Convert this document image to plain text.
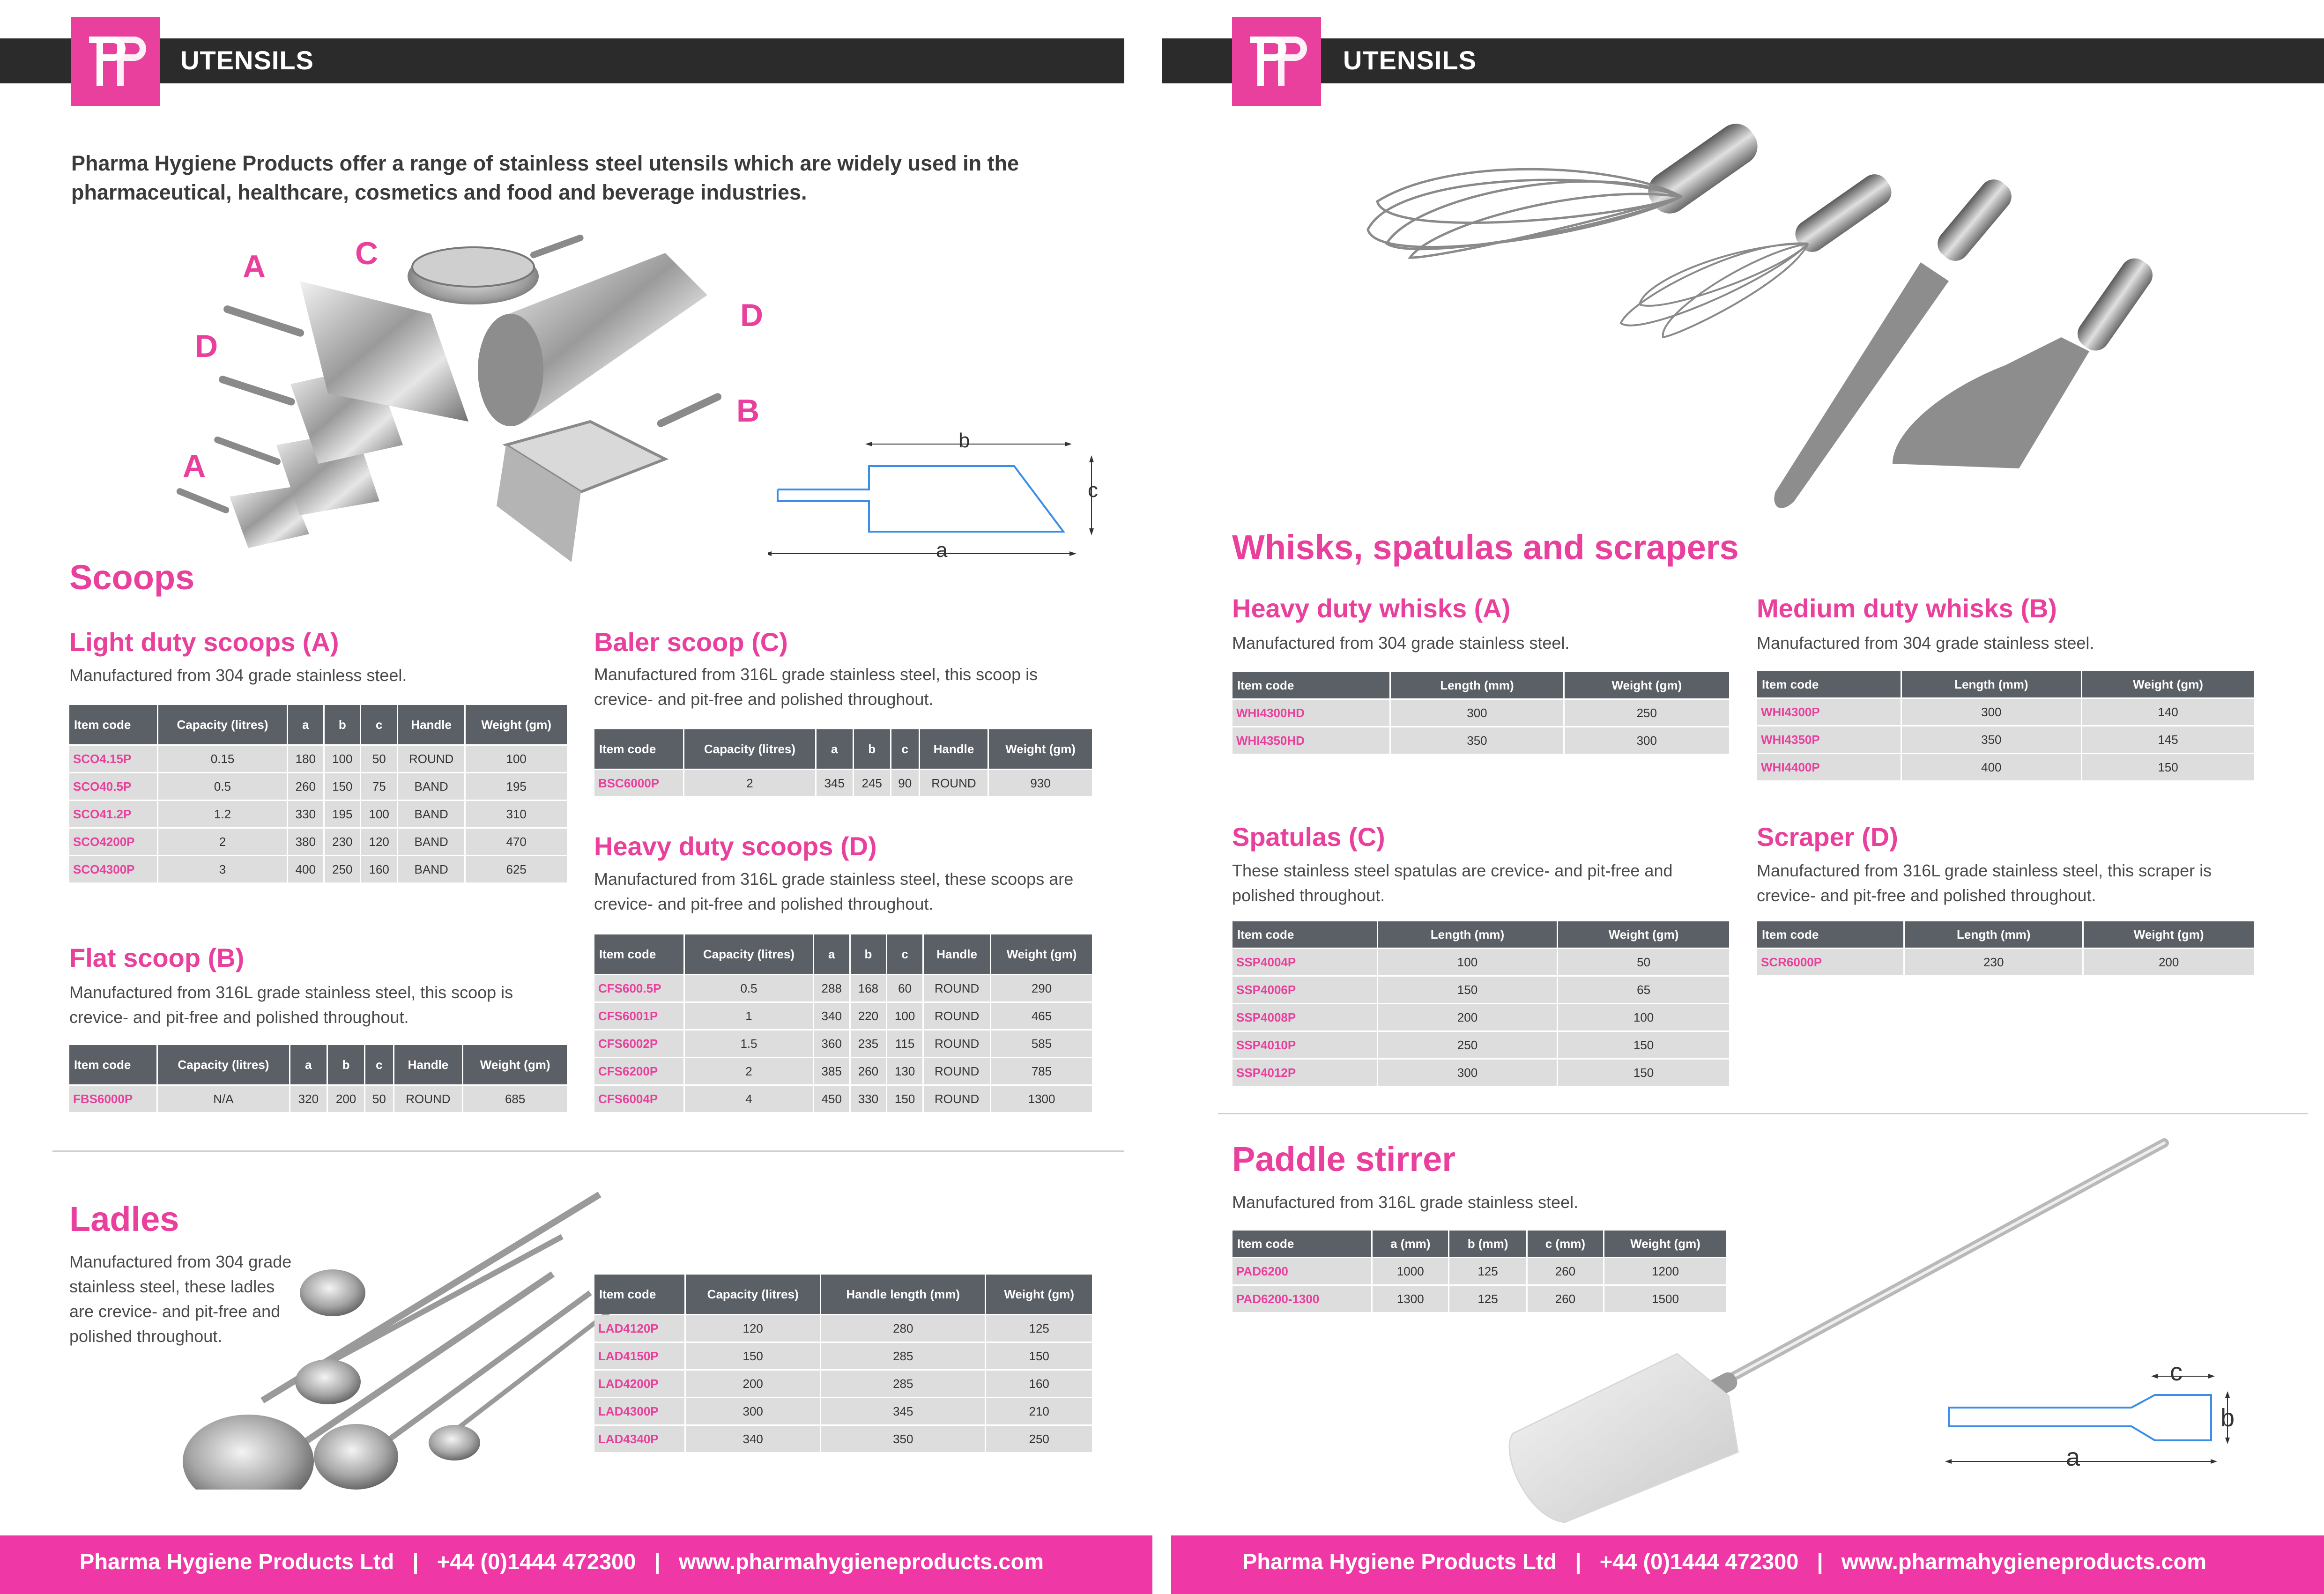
UTENSILS	UTENSILS
Pharma Hygiene Products offer a range of stainless steel utensils which are widely used in the pharmaceutical, healthcare, cosmetics and food and beverage industries.
A	C
D
D
B
A
b
c
a
Scoops
Light duty scoops (A)
Manufactured from 304 grade stainless steel.
Item code	Capacity (litres)	a	b	c	Handle	Weight (gm)
SCO4.15P	0.15	180	100	50	ROUND	100
SCO40.5P	0.5	260	150	75	BAND	195
SCO41.2P	1.2	330	195	100	BAND	310
SCO4200P	2	380	230	120	BAND	470
SCO4300P	3	400	250	160	BAND	625
Flat scoop (B)
Manufactured from 316L grade stainless steel, this scoop is crevice- and pit-free and polished throughout.
Item code	Capacity (litres)	a	b	c	Handle	Weight (gm)
FBS6000P	N/A	320	200	50	ROUND	685
Baler scoop (C)
Manufactured from 316L grade stainless steel, this scoop is crevice- and pit-free and polished throughout.
Item code	Capacity (litres)	a	b	c	Handle	Weight (gm)
BSC6000P	2	345	245	90	ROUND	930
Heavy duty scoops (D)
Manufactured from 316L grade stainless steel, these scoops are crevice- and pit-free and polished throughout.
Item code	Capacity (litres)	a	b	c	Handle	Weight (gm)
CFS600.5P	0.5	288	168	60	ROUND	290
CFS6001P	1	340	220	100	ROUND	465
CFS6002P	1.5	360	235	115	ROUND	585
CFS6200P	2	385	260	130	ROUND	785
CFS6004P	4	450	330	150	ROUND	1300
Ladles
Manufactured from 304 grade
stainless steel, these ladles
are crevice- and pit-free and
polished throughout.
Item code	Capacity (litres)	Handle length (mm)	Weight (gm)
LAD4120P	120	280	125
LAD4150P	150	285	150
LAD4200P	200	285	160
LAD4300P	300	345	210
LAD4340P	340	350	250
Whisks, spatulas and scrapers
Heavy duty whisks (A)
Manufactured from 304 grade stainless steel.
Item code	Length (mm)	Weight (gm)
WHI4300HD	300	250
WHI4350HD	350	300
Medium duty whisks (B)
Manufactured from 304 grade stainless steel.
Item code	Length (mm)	Weight (gm)
WHI4300P	300	140
WHI4350P	350	145
WHI4400P	400	150
Spatulas (C)
These stainless steel spatulas are crevice- and pit-free and polished throughout.
Item code	Length (mm)	Weight (gm)
SSP4004P	100	50
SSP4006P	150	65
SSP4008P	200	100
SSP4010P	250	150
SSP4012P	300	150
Scraper (D)
Manufactured from 316L grade stainless steel, this scraper is crevice- and pit-free and polished throughout.
Item code	Length (mm)	Weight (gm)
SCR6000P	230	200
Paddle stirrer
Manufactured from 316L grade stainless steel.
Item code	a (mm)	b (mm)	c (mm)	Weight (gm)
PAD6200	1000	125	260	1200
PAD6200-1300	1300	125	260	1500
c
b
a
Pharma Hygiene Products Ltd   |   +44 (0)1444 472300   |   www.pharmahygieneproducts.com	Pharma Hygiene Products Ltd   |   +44 (0)1444 472300   |   www.pharmahygieneproducts.com
